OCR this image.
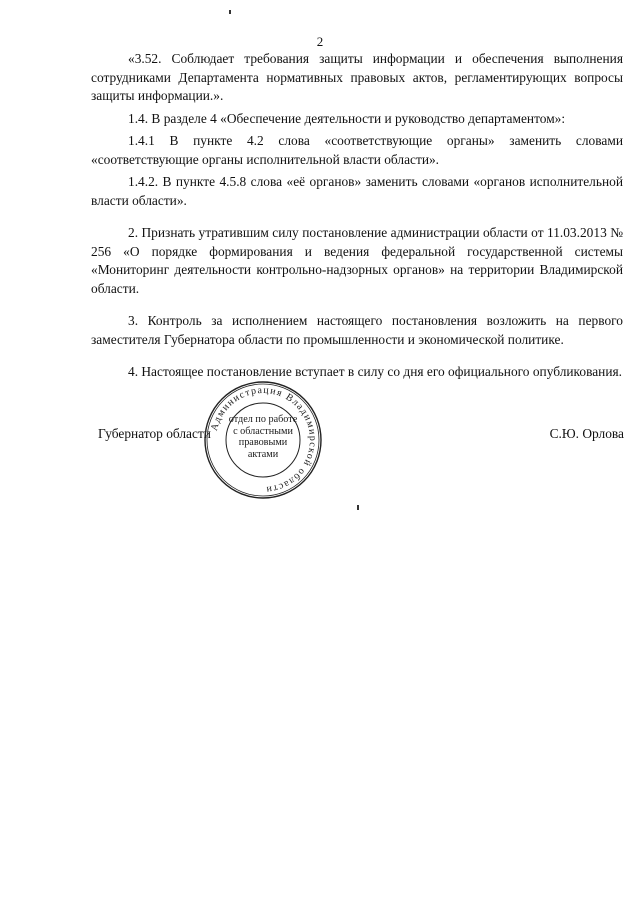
2

«3.52. Соблюдает требования защиты информации и обеспечения выполнения сотрудниками Департамента нормативных правовых актов, регламентирующих вопросы защиты информации.».

1.4. В разделе 4 «Обеспечение деятельности и руководство департаментом»:

1.4.1 В пункте 4.2 слова «соответствующие органы» заменить словами «соответствующие органы исполнительной власти области».

1.4.2. В пункте 4.5.8 слова «её органов» заменить словами «органов исполнительной власти области».

2. Признать утратившим силу постановление администрации области от 11.03.2013 № 256 «О порядке формирования и ведения федеральной государственной системы «Мониторинг деятельности контрольно-надзорных органов» на территории Владимирской области.

3. Контроль за исполнением настоящего постановления возложить на первого заместителя Губернатора области по промышленности и экономической политике.

4. Настоящее постановление вступает в силу со дня его официального опубликования.

Губернатор области	С.Ю. Орлова
Администрация Владимирской области
отдел по работе
с областными
правовыми
актами
